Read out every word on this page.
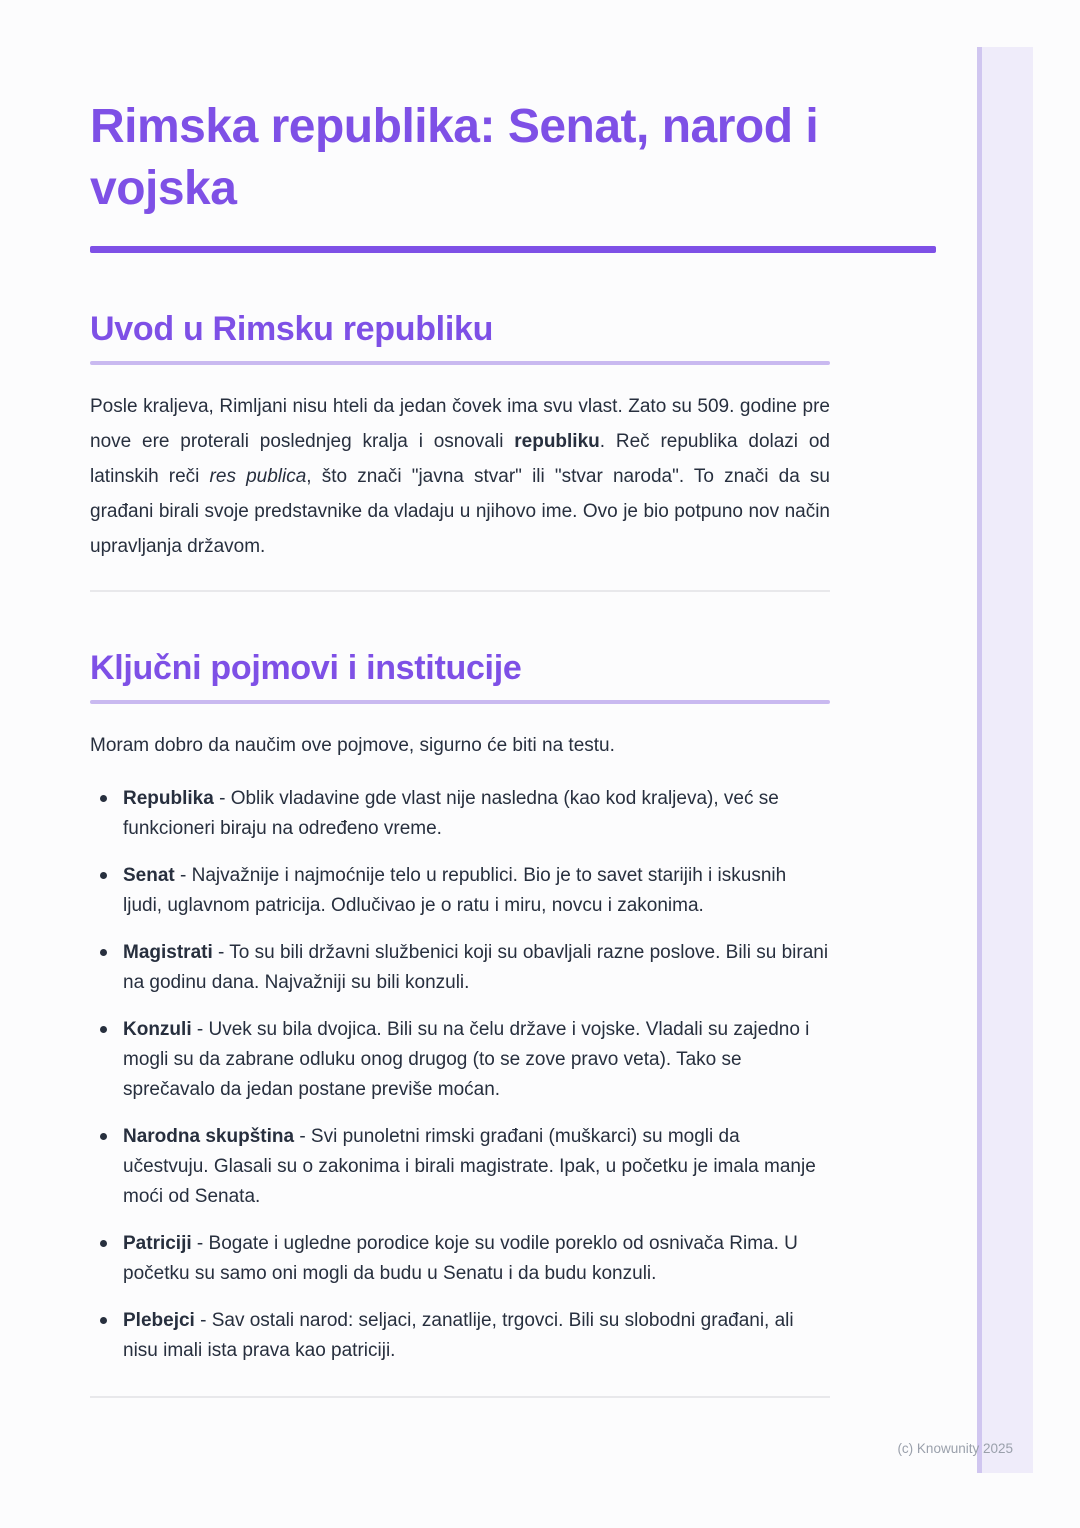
Rimska republika: Senat, narod i vojska
Uvod u Rimsku republiku

Posle kraljeva, Rimljani nisu hteli da jedan čovek ima svu vlast. Zato su 509. godine pre nove ere proterali poslednjeg kralja i osnovali republiku. Reč republika dolazi od latinskih reči res publica, što znači "javna stvar" ili "stvar naroda". To znači da su građani birali svoje predstavnike da vladaju u njihovo ime. Ovo je bio potpuno nov način upravljanja državom.

Ključni pojmovi i institucije

Moram dobro da naučim ove pojmove, sigurno će biti na testu.

Republika - Oblik vladavine gde vlast nije nasledna (kao kod kraljeva), već se funkcioneri biraju na određeno vreme.
Senat - Najvažnije i najmoćnije telo u republici. Bio je to savet starijih i iskusnih ljudi, uglavnom patricija. Odlučivao je o ratu i miru, novcu i zakonima.
Magistrati - To su bili državni službenici koji su obavljali razne poslove. Bili su birani na godinu dana. Najvažniji su bili konzuli.
Konzuli - Uvek su bila dvojica. Bili su na čelu države i vojske. Vladali su zajedno i mogli su da zabrane odluku onog drugog (to se zove pravo veta). Tako se sprečavalo da jedan postane previše moćan.
Narodna skupština - Svi punoletni rimski građani (muškarci) su mogli da učestvuju. Glasali su o zakonima i birali magistrate. Ipak, u početku je imala manje moći od Senata.
Patriciji - Bogate i ugledne porodice koje su vodile poreklo od osnivača Rima. U početku su samo oni mogli da budu u Senatu i da budu konzuli.
Plebejci - Sav ostali narod: seljaci, zanatlije, trgovci. Bili su slobodni građani, ali nisu imali ista prava kao patriciji.
(c) Knowunity 2025
